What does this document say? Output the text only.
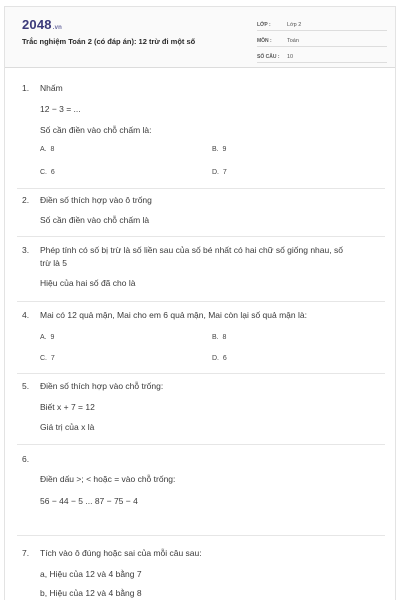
2048.vn
Trắc nghiệm Toán 2 (có đáp án): 12 trừ đi một số
LỚP :	Lớp 2
MÔN :	Toán
SỐ CÂU :	10
1. Nhấm
12 − 3 = ...
Số cần điền vào chỗ chấm là:
A. 8	B. 9
C. 6	D. 7
2. Điền số thích hợp vào ô trống
Số cần điền vào chỗ chấm là
3. Phép tính có số bị trừ là số liền sau của số bé nhất có hai chữ số giống nhau, số
trừ là 5
Hiệu của hai số đã cho là
4. Mai có 12 quả mận, Mai cho em 6 quả mận, Mai còn lại số quả mận là:
A. 9	B. 8
C. 7	D. 6
5. Điền số thích hợp vào chỗ trống:
Biết x + 7 = 12
Giá trị của x là
6.
Điền dấu >; < hoặc = vào chỗ trống:
56 − 44 − 5 ... 87 − 75 − 4
7. Tích vào ô đúng hoặc sai của mỗi câu sau:
a, Hiệu của 12 và 4 bằng 7
b, Hiệu của 12 và 4 bằng 8
